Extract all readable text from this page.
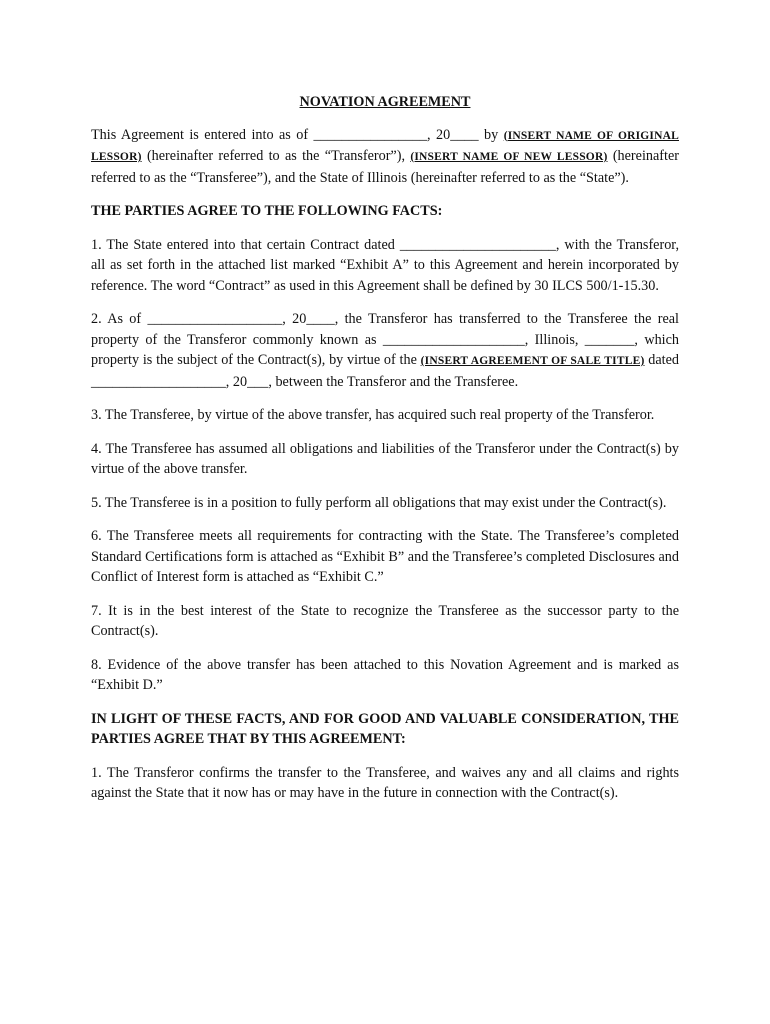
NOVATION AGREEMENT

This Agreement is entered into as of ________________, 20____ by (INSERT NAME OF ORIGINAL LESSOR) (hereinafter referred to as the “Transferor”), (INSERT NAME OF NEW LESSOR) (hereinafter referred to as the “Transferee”), and the State of Illinois (hereinafter referred to as the “State”).

THE PARTIES AGREE TO THE FOLLOWING FACTS:

1. The State entered into that certain Contract dated ______________________, with the Transferor, all as set forth in the attached list marked “Exhibit A” to this Agreement and herein incorporated by reference. The word “Contract” as used in this Agreement shall be defined by 30 ILCS 500/1-15.30.

2. As of ___________________, 20____, the Transferor has transferred to the Transferee the real property of the Transferor commonly known as ____________________, Illinois, _______, which property is the subject of the Contract(s), by virtue of the (INSERT AGREEMENT OF SALE TITLE) dated ___________________, 20___, between the Transferor and the Transferee.

3. The Transferee, by virtue of the above transfer, has acquired such real property of the Transferor.

4. The Transferee has assumed all obligations and liabilities of the Transferor under the Contract(s) by virtue of the above transfer.

5. The Transferee is in a position to fully perform all obligations that may exist under the Contract(s).

6. The Transferee meets all requirements for contracting with the State. The Transferee’s completed Standard Certifications form is attached as “Exhibit B” and the Transferee’s completed Disclosures and Conflict of Interest form is attached as “Exhibit C.”

7. It is in the best interest of the State to recognize the Transferee as the successor party to the Contract(s).

8. Evidence of the above transfer has been attached to this Novation Agreement and is marked as “Exhibit D.”

IN LIGHT OF THESE FACTS, AND FOR GOOD AND VALUABLE CONSIDERATION, THE PARTIES AGREE THAT BY THIS AGREEMENT:

1. The Transferor confirms the transfer to the Transferee, and waives any and all claims and rights against the State that it now has or may have in the future in connection with the Contract(s).
